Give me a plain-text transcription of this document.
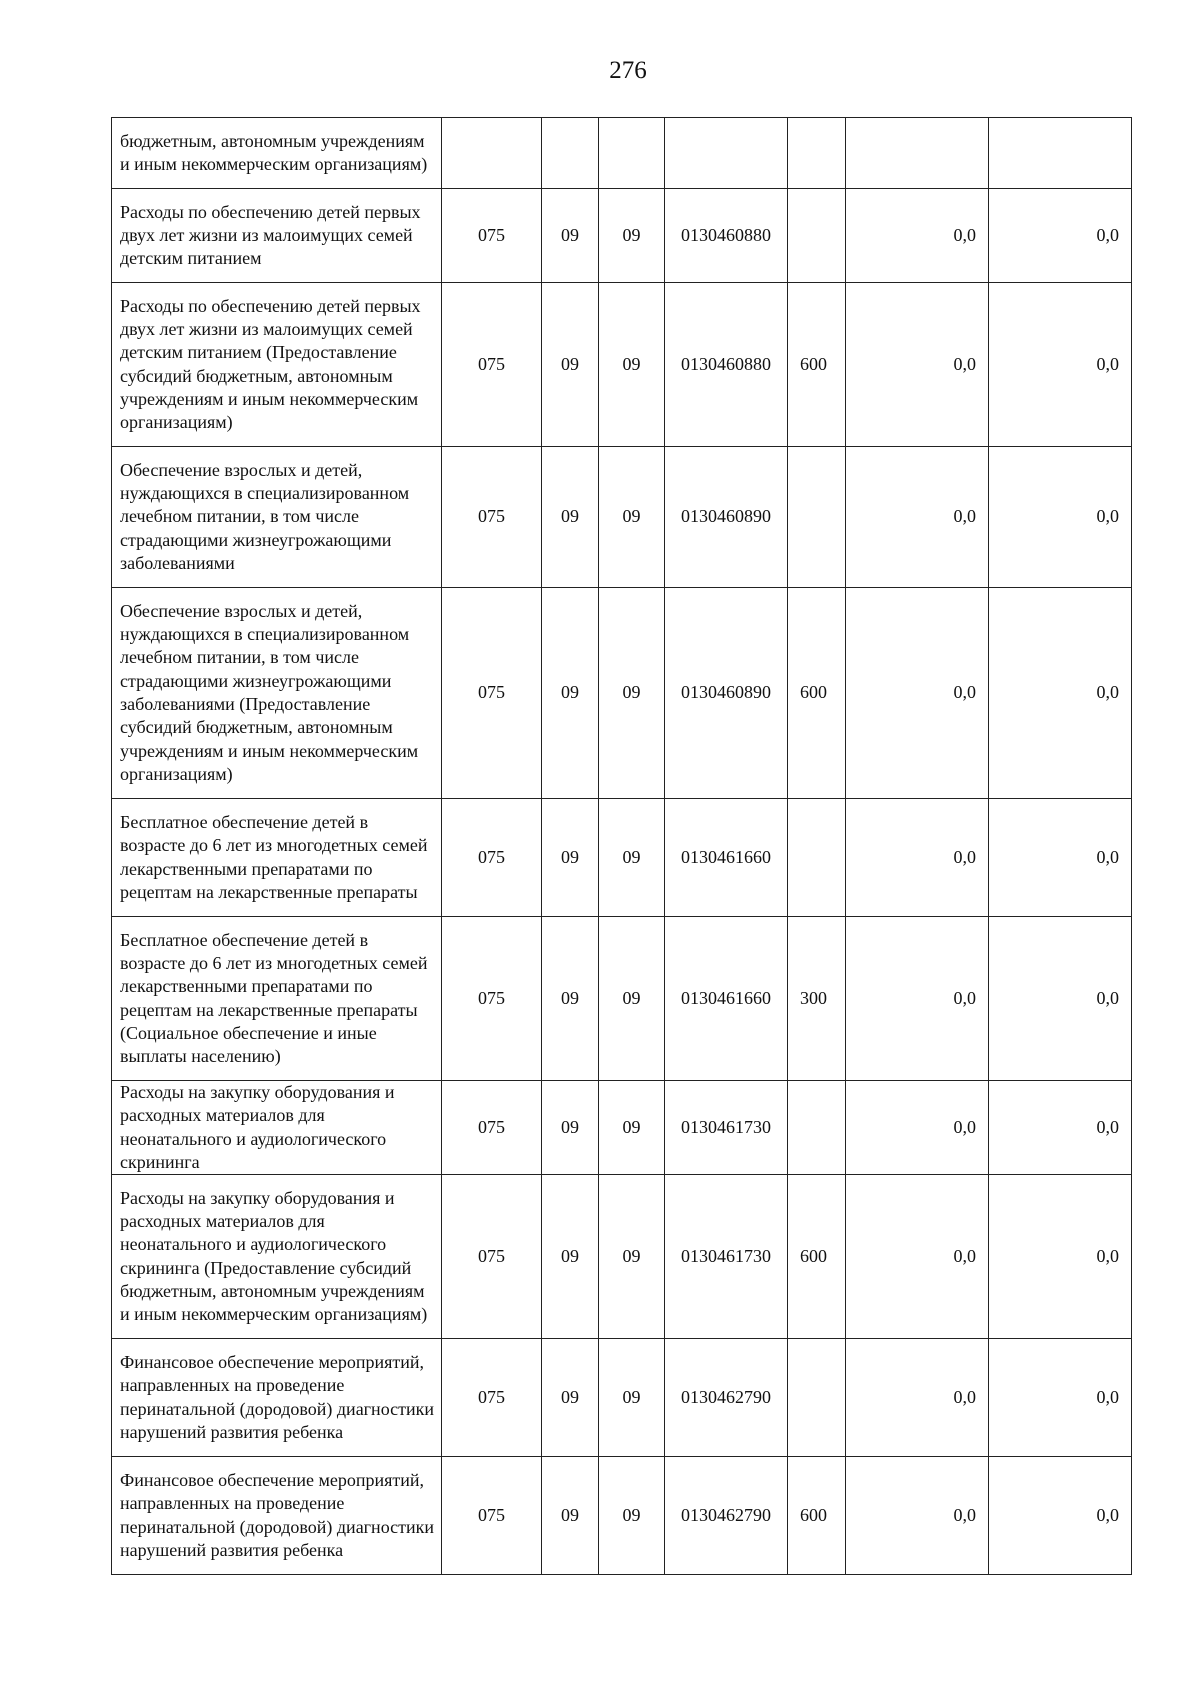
276
бюджетным, автономным учреждениям и иным некоммерческим организациям)							
Расходы по обеспечению детей первых двух лет жизни из малоимущих семей детским питанием	075	09	09	0130460880		0,0	0,0
Расходы по обеспечению детей первых двух лет жизни из малоимущих семей детским питанием (Предоставление субсидий бюджетным, автономным учреждениям и иным некоммерческим организациям)	075	09	09	0130460880	600	0,0	0,0
Обеспечение взрослых и детей, нуждающихся в специализированном лечебном питании, в том числе страдающими жизнеугрожающими заболеваниями	075	09	09	0130460890		0,0	0,0
Обеспечение взрослых и детей, нуждающихся в специализированном лечебном питании, в том числе страдающими жизнеугрожающими заболеваниями (Предоставление субсидий бюджетным, автономным учреждениям и иным некоммерческим организациям)	075	09	09	0130460890	600	0,0	0,0
Бесплатное обеспечение детей в возрасте до 6 лет из многодетных семей лекарственными препаратами по рецептам на лекарственные препараты	075	09	09	0130461660		0,0	0,0
Бесплатное обеспечение детей в возрасте до 6 лет из многодетных семей лекарственными препаратами по рецептам на лекарственные препараты (Социальное обеспечение и иные выплаты населению)	075	09	09	0130461660	300	0,0	0,0
Расходы на закупку оборудования и расходных материалов для неонатального и аудиологического скрининга	075	09	09	0130461730		0,0	0,0
Расходы на закупку оборудования и расходных материалов для неонатального и аудиологического скрининга (Предоставление субсидий бюджетным, автономным учреждениям и иным некоммерческим организациям)	075	09	09	0130461730	600	0,0	0,0
Финансовое обеспечение мероприятий, направленных на проведение перинатальной (дородовой) диагностики нарушений развития ребенка	075	09	09	0130462790		0,0	0,0
Финансовое обеспечение мероприятий, направленных на проведение перинатальной (дородовой) диагностики нарушений развития ребенка	075	09	09	0130462790	600	0,0	0,0
